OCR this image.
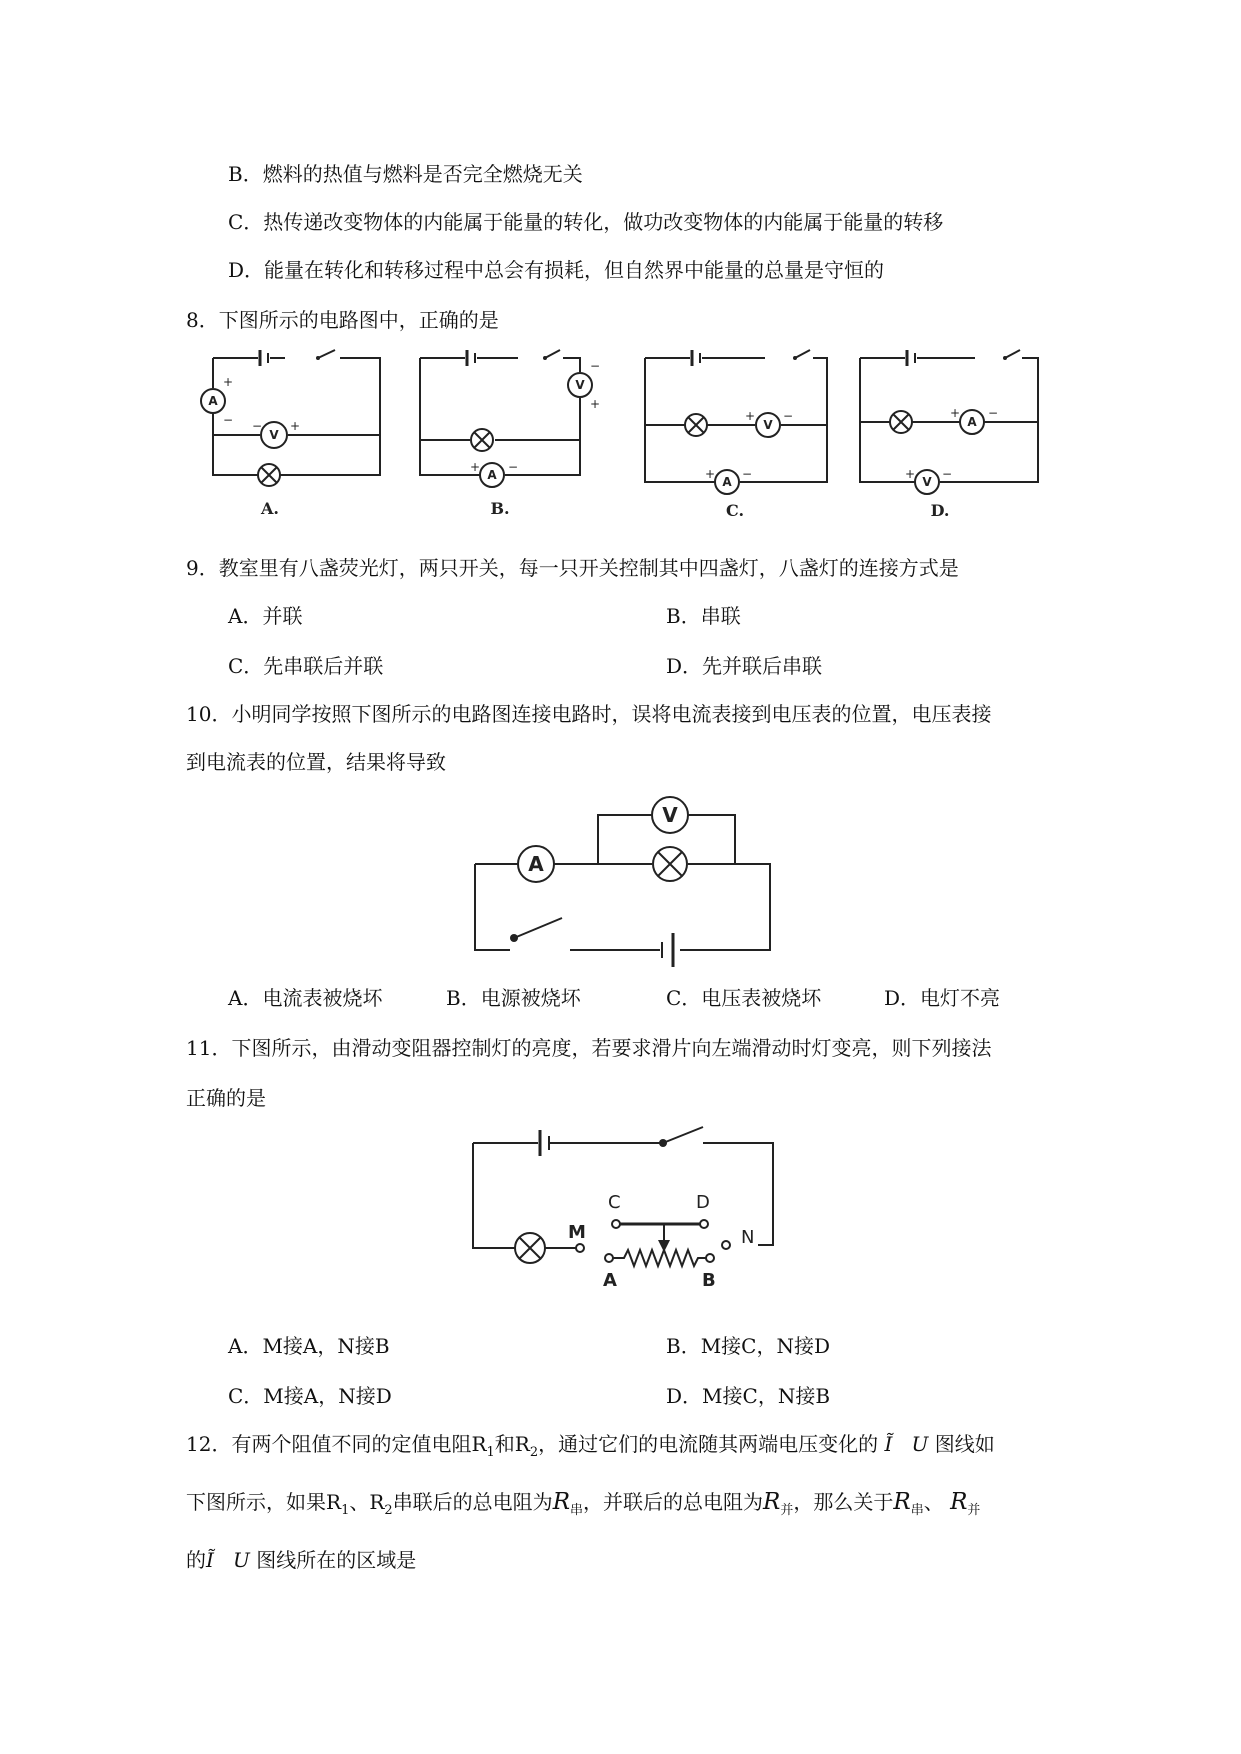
B．燃料的热值与燃料是否完全燃烧无关
C．热传递改变物体的内能属于能量的转化，做功改变物体的内能属于能量的转移
D．能量在转化和转移过程中总会有损耗，但自然界中能量的总量是守恒的
8．下图所示的电路图中，正确的是
A
+
−
V
− +
A.
V
−
+
A
+ −
B.
V
+ −
A
+ −
C.
A
+ −
V
+ −
D.
9．教室里有八盏荧光灯，两只开关，每一只开关控制其中四盏灯，八盏灯的连接方式是
A．并联	B．串联
C．先串联后并联	D．先并联后串联
10．小明同学按照下图所示的电路图连接电路时，误将电流表接到电压表的位置，电压表接
到电流表的位置，结果将导致
A
V
A．电流表被烧坏	B．电源被烧坏	C．电压表被烧坏	D．电灯不亮
11．下图所示，由滑动变阻器控制灯的亮度，若要求滑片向左端滑动时灯变亮，则下列接法
正确的是
M
C	D
A	B
N
A．M接A，N接B	B．M接C，N接D
C．M接A，N接D	D．M接C，N接B
12．有两个阻值不同的定值电阻$R_1$和$R_2$，通过它们的电流随其两端电压变化的 Ĩ U 图线如
下图所示，如果$R_1$、$R_2$串联后的总电阻为$R_串$，并联后的总电阻为$R_并$，那么关于$R_串$、 $R_并$
的Ĩ U 图线所在的区域是
